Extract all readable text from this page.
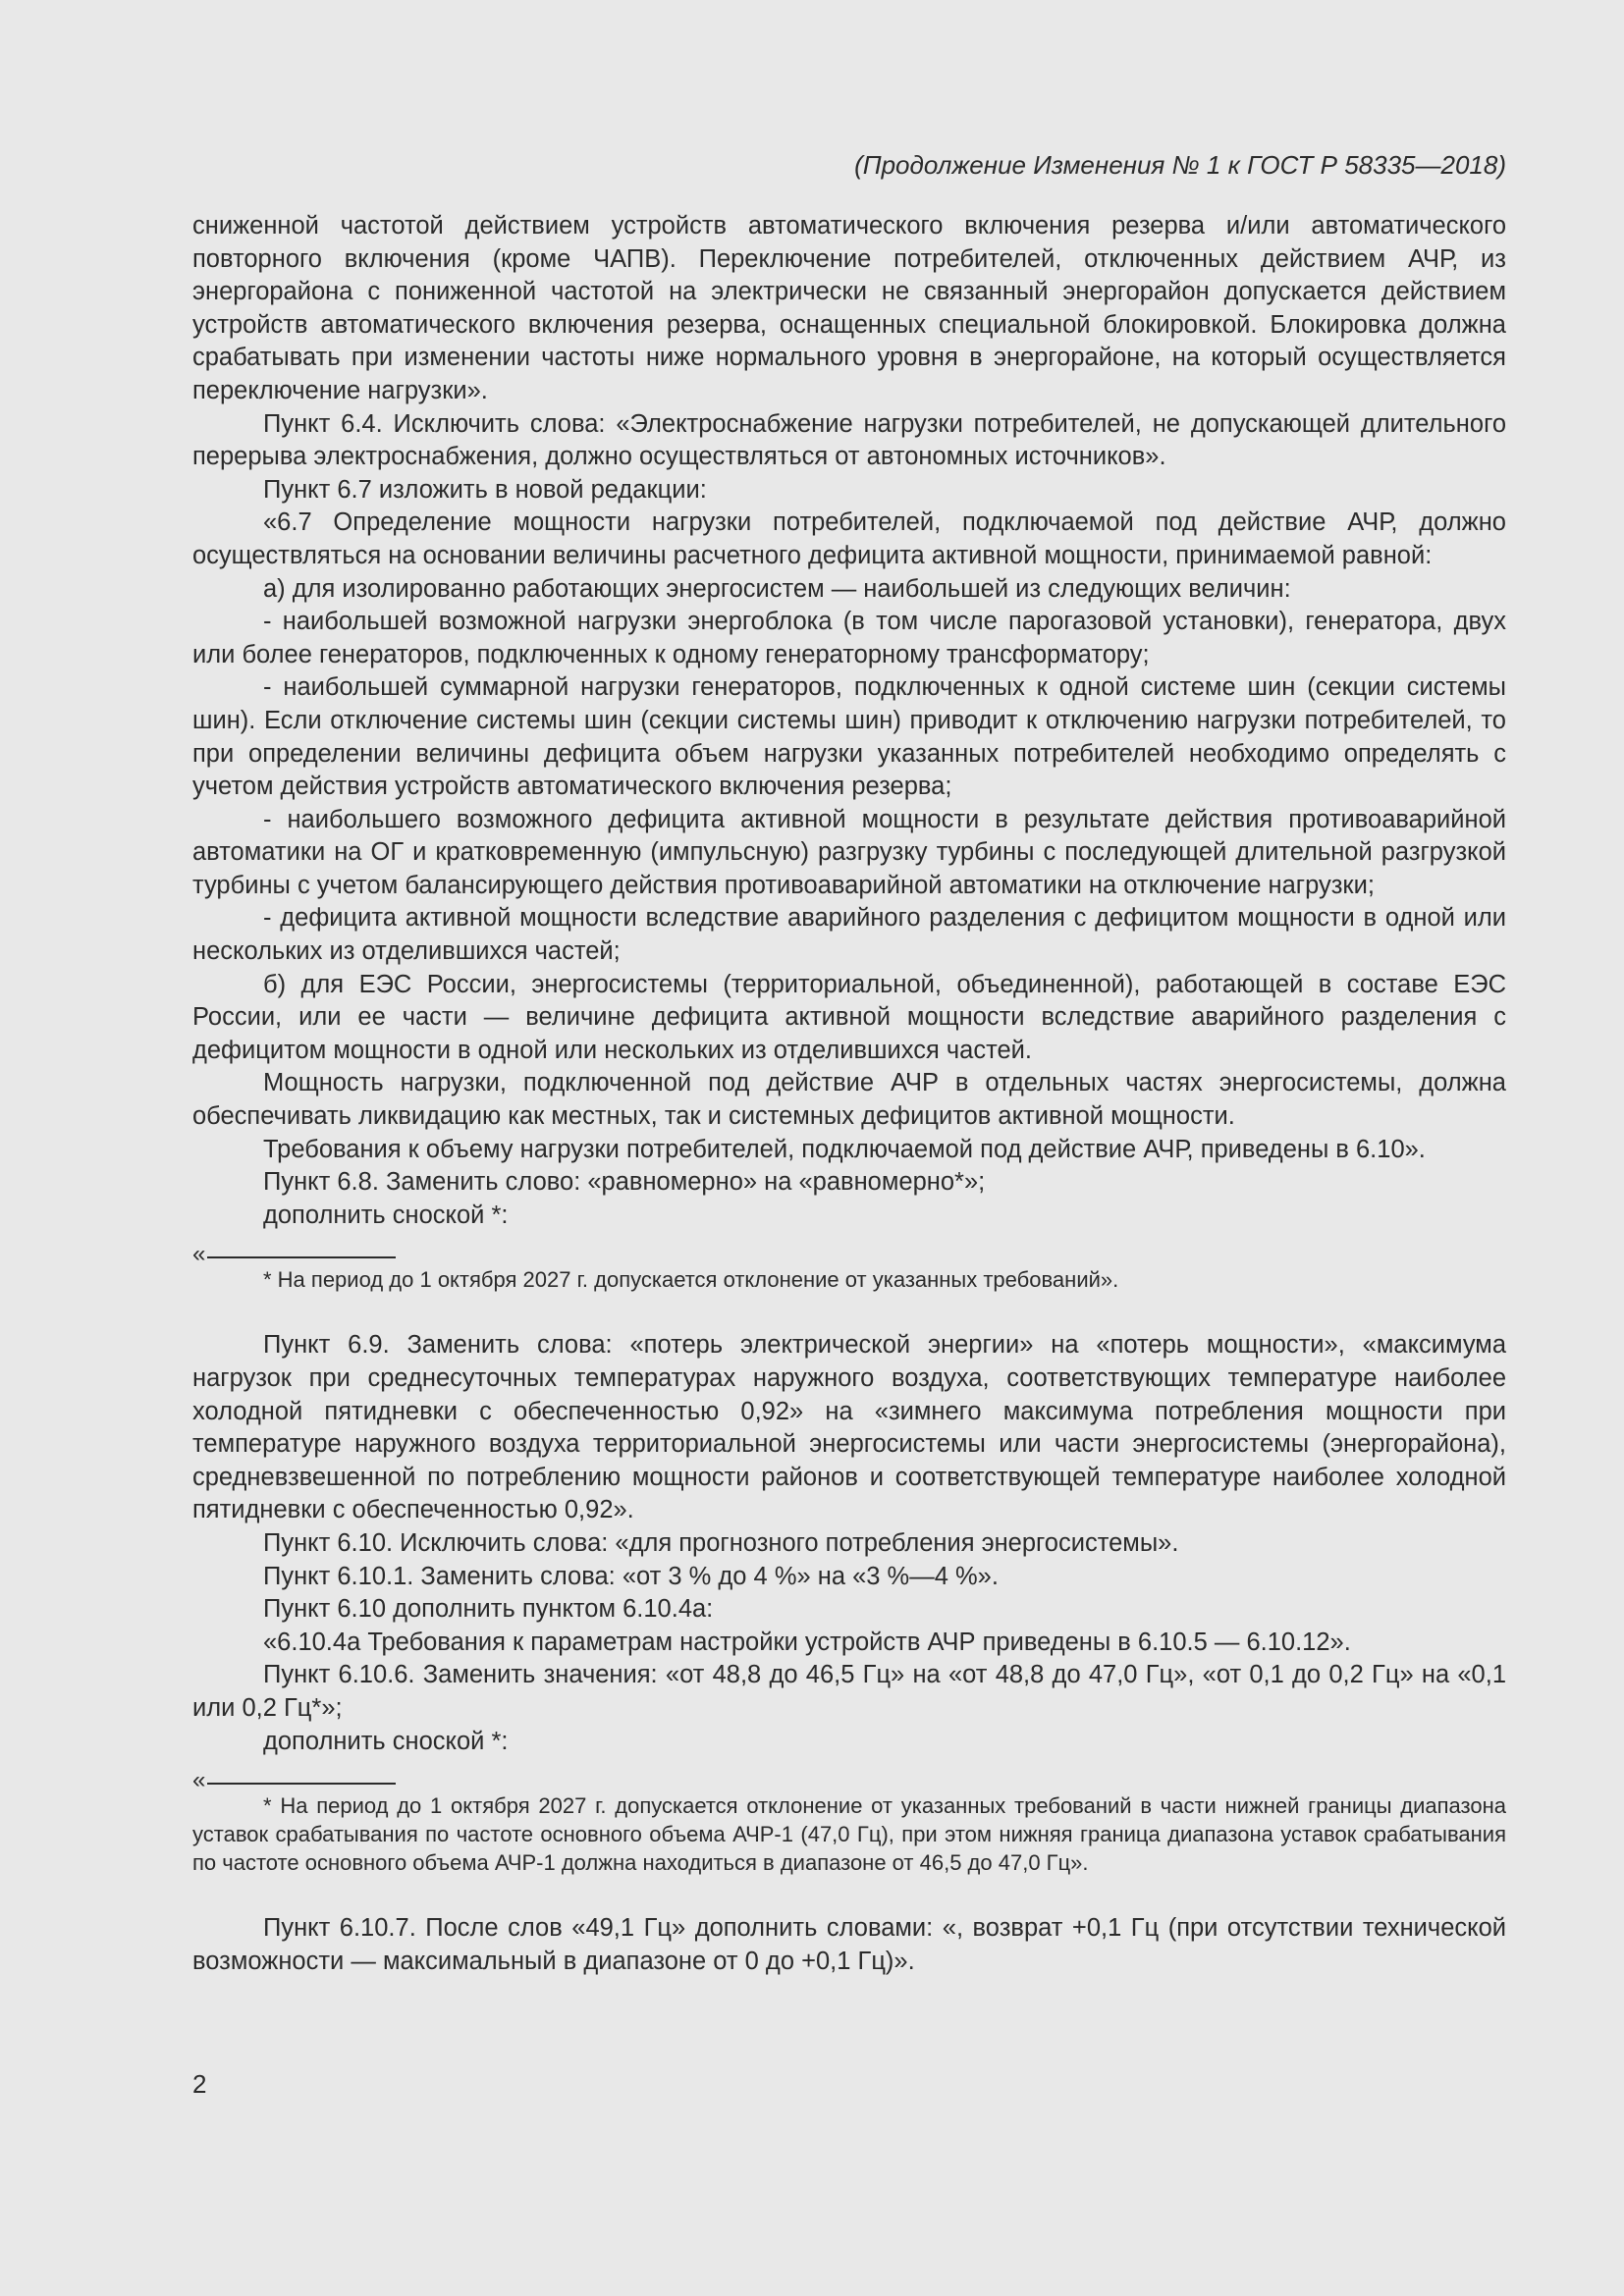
(Продолжение Изменения № 1 к ГОСТ Р 58335—2018)

сниженной частотой действием устройств автоматического включения резерва и/или автоматического повторного включения (кроме ЧАПВ). Переключение потребителей, отключенных действием АЧР, из энергорайона с пониженной частотой на электрически не связанный энергорайон допускается действием устройств автоматического включения резерва, оснащенных специальной блокировкой. Блокировка должна срабатывать при изменении частоты ниже нормального уровня в энергорайоне, на который осуществляется переключение нагрузки».

Пункт 6.4. Исключить слова: «Электроснабжение нагрузки потребителей, не допускающей длительного перерыва электроснабжения, должно осуществляться от автономных источников».

Пункт 6.7 изложить в новой редакции:

«6.7 Определение мощности нагрузки потребителей, подключаемой под действие АЧР, должно осуществляться на основании величины расчетного дефицита активной мощности, принимаемой равной:

а) для изолированно работающих энергосистем — наибольшей из следующих величин:

- наибольшей возможной нагрузки энергоблока (в том числе парогазовой установки), генератора, двух или более генераторов, подключенных к одному генераторному трансформатору;

- наибольшей суммарной нагрузки генераторов, подключенных к одной системе шин (секции системы шин). Если отключение системы шин (секции системы шин) приводит к отключению нагрузки потребителей, то при определении величины дефицита объем нагрузки указанных потребителей необходимо определять с учетом действия устройств автоматического включения резерва;

- наибольшего возможного дефицита активной мощности в результате действия противоаварийной автоматики на ОГ и кратковременную (импульсную) разгрузку турбины с последующей длительной разгрузкой турбины с учетом балансирующего действия противоаварийной автоматики на отключение нагрузки;

- дефицита активной мощности вследствие аварийного разделения с дефицитом мощности в одной или нескольких из отделившихся частей;

б) для ЕЭС России, энергосистемы (территориальной, объединенной), работающей в составе ЕЭС России, или ее части — величине дефицита активной мощности вследствие аварийного разделения с дефицитом мощности в одной или нескольких из отделившихся частей.

Мощность нагрузки, подключенной под действие АЧР в отдельных частях энергосистемы, должна обеспечивать ликвидацию как местных, так и системных дефицитов активной мощности.

Требования к объему нагрузки потребителей, подключаемой под действие АЧР, приведены в 6.10».

Пункт 6.8. Заменить слово: «равномерно» на «равномерно*»;

дополнить сноской *:

«

* На период до 1 октября 2027 г. допускается отклонение от указанных требований».

Пункт 6.9. Заменить слова: «потерь электрической энергии» на «потерь мощности», «максимума нагрузок при среднесуточных температурах наружного воздуха, соответствующих температуре наиболее холодной пятидневки с обеспеченностью 0,92» на «зимнего максимума потребления мощности при температуре наружного воздуха территориальной энергосистемы или части энергосистемы (энергорайона), средневзвешенной по потреблению мощности районов и соответствующей температуре наиболее холодной пятидневки с обеспеченностью 0,92».

Пункт 6.10. Исключить слова: «для прогнозного потребления энергосистемы».

Пункт 6.10.1. Заменить слова: «от 3 % до 4 %» на «3 %—4 %».

Пункт 6.10 дополнить пунктом 6.10.4а:

«6.10.4а Требования к параметрам настройки устройств АЧР приведены в 6.10.5 — 6.10.12».

Пункт 6.10.6. Заменить значения: «от 48,8 до 46,5 Гц» на «от 48,8 до 47,0 Гц», «от 0,1 до 0,2 Гц» на «0,1 или 0,2 Гц*»;

дополнить сноской *:

«

* На период до 1 октября 2027 г. допускается отклонение от указанных требований в части нижней границы диапазона уставок срабатывания по частоте основного объема АЧР-1 (47,0 Гц), при этом нижняя граница диапазона уставок срабатывания по частоте основного объема АЧР-1 должна находиться в диапазоне от 46,5 до 47,0 Гц».

Пункт 6.10.7. После слов «49,1 Гц» дополнить словами: «, возврат +0,1 Гц (при отсутствии технической возможности — максимальный в диапазоне от 0 до +0,1 Гц)».

2
